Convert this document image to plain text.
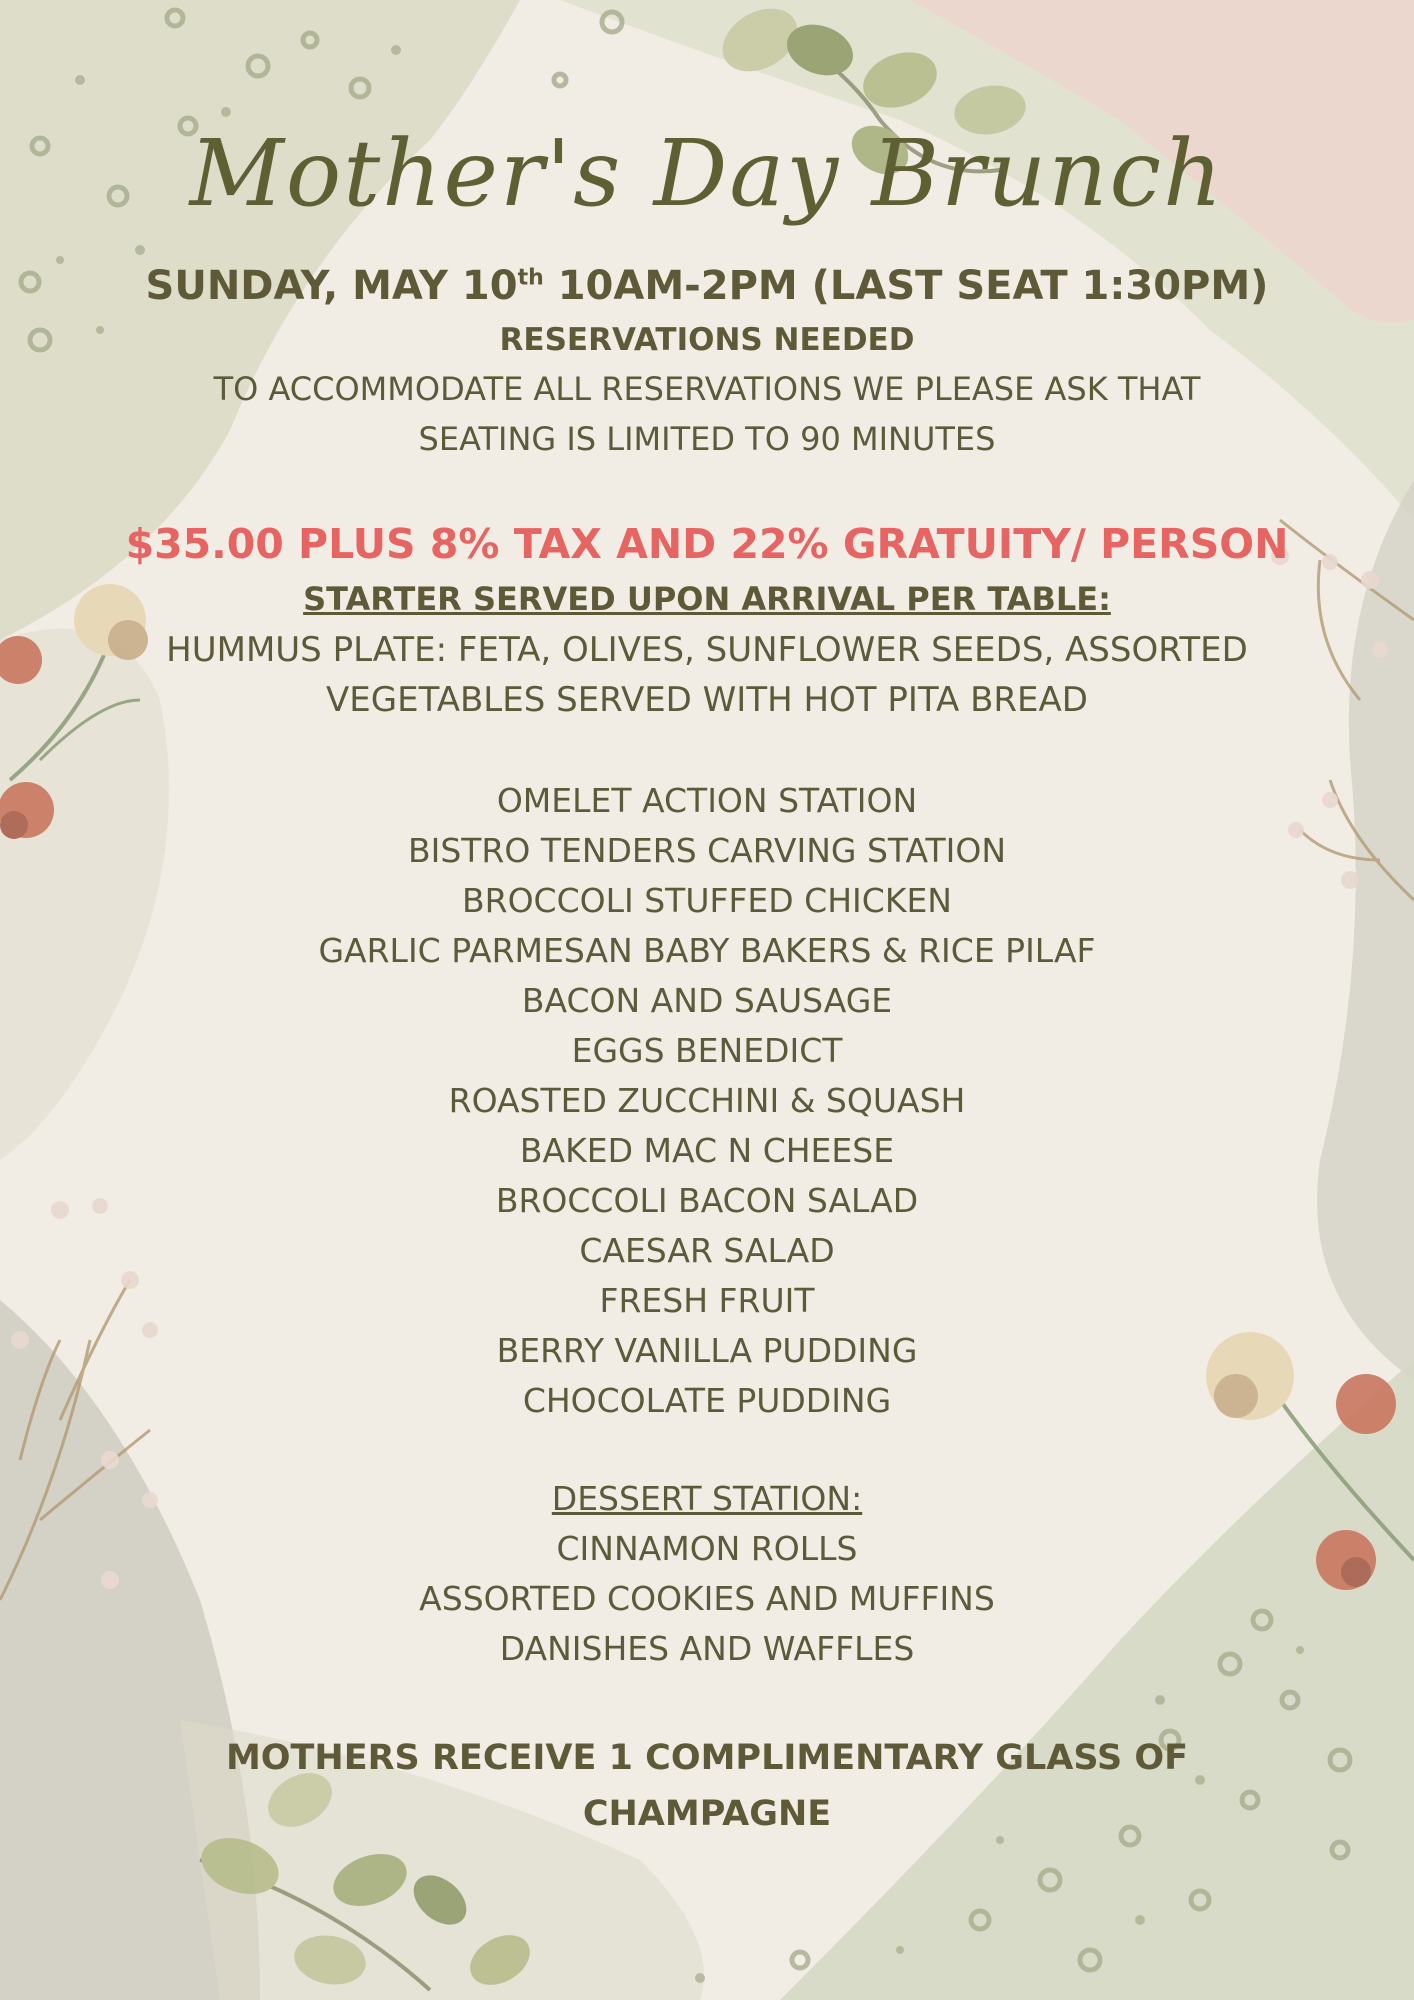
Mother's Day Brunch
SUNDAY, MAY 10th 10AM-2PM (LAST SEAT 1:30PM)
RESERVATIONS NEEDED
TO ACCOMMODATE ALL RESERVATIONS WE PLEASE ASK THAT
SEATING IS LIMITED TO 90 MINUTES
$35.00 PLUS 8% TAX AND 22% GRATUITY/ PERSON
STARTER SERVED UPON ARRIVAL PER TABLE:
HUMMUS PLATE: FETA, OLIVES, SUNFLOWER SEEDS, ASSORTED
VEGETABLES SERVED WITH HOT PITA BREAD
OMELET ACTION STATION
BISTRO TENDERS CARVING STATION
BROCCOLI STUFFED CHICKEN
GARLIC PARMESAN BABY BAKERS & RICE PILAF
BACON AND SAUSAGE
EGGS BENEDICT
ROASTED ZUCCHINI & SQUASH
BAKED MAC N CHEESE
BROCCOLI BACON SALAD
CAESAR SALAD
FRESH FRUIT
BERRY VANILLA PUDDING
CHOCOLATE PUDDING
DESSERT STATION:
CINNAMON ROLLS
ASSORTED COOKIES AND MUFFINS
DANISHES AND WAFFLES
MOTHERS RECEIVE 1 COMPLIMENTARY GLASS OF
CHAMPAGNE
